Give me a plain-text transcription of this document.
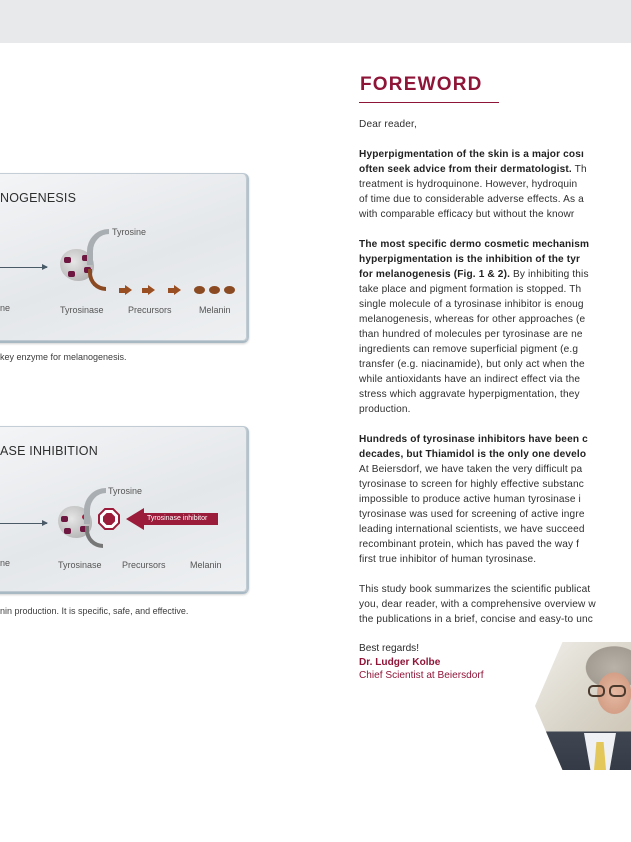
NOGENESIS
ne
Tyrosine
Tyrosinase	Precursors	Melanin
key enzyme for melanogenesis.
ASE INHIBITION
ne
Tyrosine
Tyrosinase inhibitor
Tyrosinase Precursors	Melanin
nin production. It is specific, safe, and effective.
FOREWORD

Dear reader,

Hyperpigmentation of the skin is a major cosı

often seek advice from their dermatologist. Th

treatment is hydroquinone. However, hydroquin

of time due to considerable adverse effects. As a

with comparable efficacy but without the knowr

The most specific dermo cosmetic mechanism

hyperpigmentation is the inhibition of the tyr

for melanogenesis (Fig. 1 & 2). By inhibiting this

take place and pigment formation is stopped. Th

single molecule of a tyrosinase inhibitor is enoug

melanogenesis, whereas for other approaches (e

than hundred of molecules per tyrosinase are ne

ingredients can remove superficial pigment (e.g

transfer (e.g. niacinamide), but only act when the

while antioxidants have an indirect effect via the

stress which aggravate hyperpigmentation, they

production.

Hundreds of tyrosinase inhibitors have been c

decades, but Thiamidol is the only one develo

At Beiersdorf, we have taken the very difficult pa

tyrosinase to screen for highly effective substanc

impossible to produce active human tyrosinase i

tyrosinase was used for screening of active ingre

leading international scientists, we have succeed

recombinant protein, which has paved the way f

first true inhibitor of human tyrosinase.

This study book summarizes the scientific publicat

you, dear reader, with a comprehensive overview w

the publications in a brief, concise and easy-to unc

Best regards!
Dr. Ludger Kolbe
Chief Scientist at Beiersdorf
